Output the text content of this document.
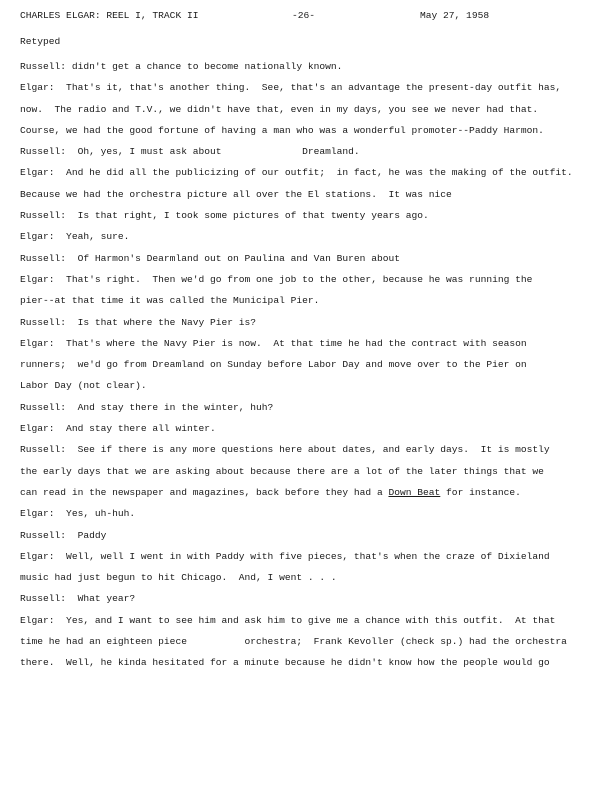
CHARLES ELGAR: REEL I, TRACK II	-26-	May 27, 1958
Retyped
Russell: didn't get a chance to become nationally known.
Elgar:  That's it, that's another thing.  See, that's an advantage the present-day outfit has,
now.  The radio and T.V., we didn't have that, even in my days, you see we never had that.
Course, we had the good fortune of having a man who was a wonderful promoter--Paddy Harmon.
Russell:  Oh, yes, I must ask about              Dreamland.
Elgar:  And he did all the publicizing of our outfit;  in fact, he was the making of the outfit.
Because we had the orchestra picture all over the El stations.  It was nice
Russell:  Is that right, I took some pictures of that twenty years ago.
Elgar:  Yeah, sure.
Russell:  Of Harmon's Dearmland out on Paulina and Van Buren about
Elgar:  That's right.  Then we'd go from one job to the other, because he was running the
pier--at that time it was called the Municipal Pier.
Russell:  Is that where the Navy Pier is?
Elgar:  That's where the Navy Pier is now.  At that time he had the contract with season
runners;  we'd go from Dreamland on Sunday before Labor Day and move over to the Pier on
Labor Day (not clear).
Russell:  And stay there in the winter, huh?
Elgar:  And stay there all winter.
Russell:  See if there is any more questions here about dates, and early days.  It is mostly
the early days that we are asking about because there are a lot of the later things that we
can read in the newspaper and magazines, back before they had a Down Beat for instance.
Elgar:  Yes, uh-huh.
Russell:  Paddy
Elgar:  Well, well I went in with Paddy with five pieces, that's when the craze of Dixieland
music had just begun to hit Chicago.  And, I went . . .
Russell:  What year?
Elgar:  Yes, and I want to see him and ask him to give me a chance with this outfit.  At that
time he had an eighteen piece          orchestra;  Frank Kevoller (check sp.) had the orchestra
there.  Well, he kinda hesitated for a minute because he didn't know how the people would go
